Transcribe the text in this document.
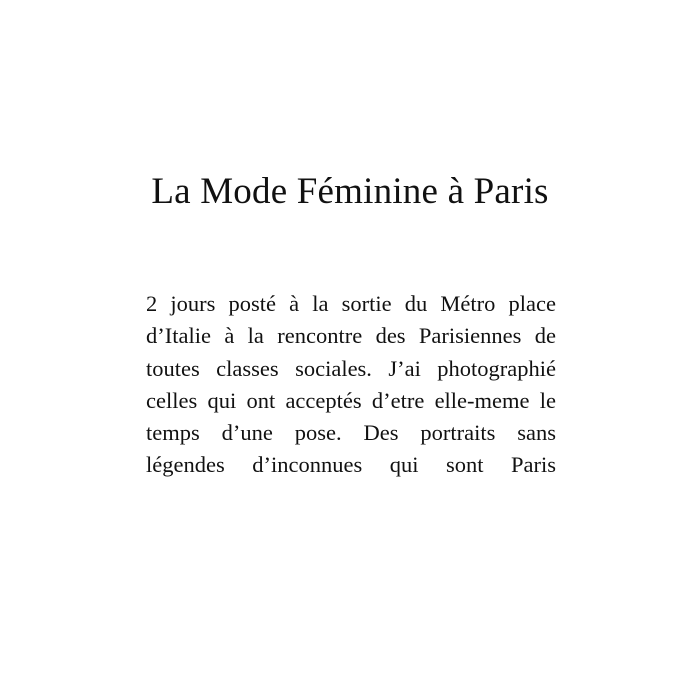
La Mode Féminine à Paris

2 jours posté à la sortie du Métro place d’Italie à la rencontre des Parisiennes de toutes classes sociales. J’ai photographié celles qui ont acceptés d’etre elle-meme le temps d’une pose. Des portraits sans légendes d’inconnues qui sont Paris
